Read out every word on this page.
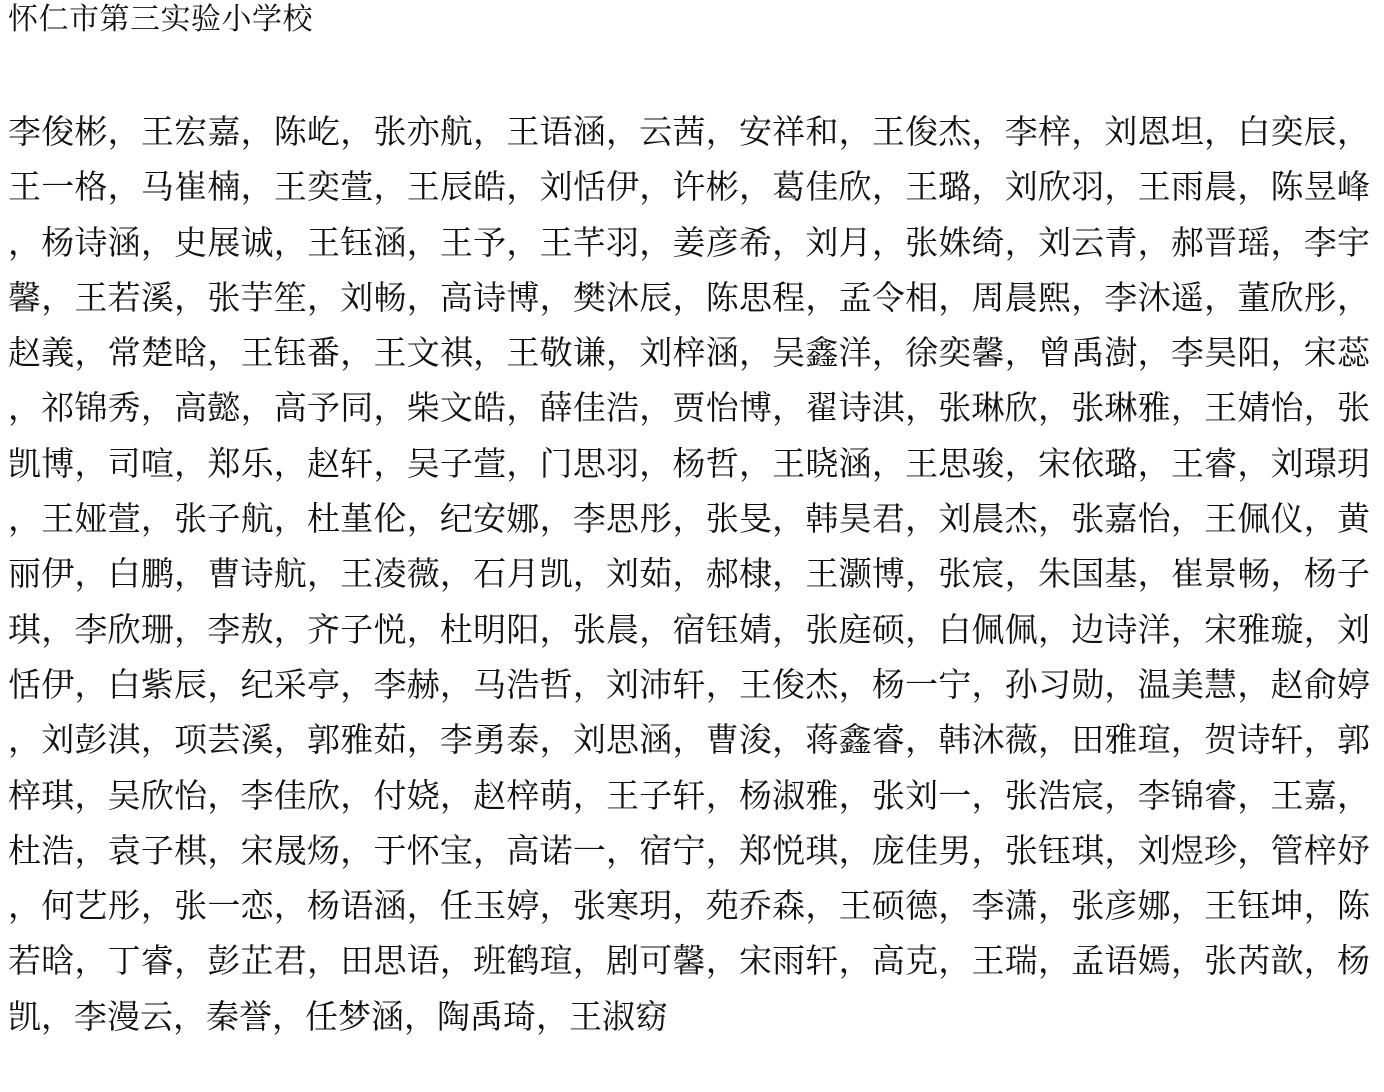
怀仁市第三实验小学校

李俊彬，王宏嘉，陈屹，张亦航，王语涵，云茜，安祥和，王俊杰，李梓，刘恩坦，白奕辰，王一格，马崔楠，王奕萱，王辰皓，刘恬伊，许彬，葛佳欣，王璐，刘欣羽，王雨晨，陈昱峰，杨诗涵，史展诚，王钰涵，王予，王芊羽，姜彦希，刘月，张姝绮，刘云青，郝晋瑶，李宇馨，王若溪，张芋笙，刘畅，高诗博，樊沐辰，陈思程，孟令相，周晨熙，李沐遥，董欣彤，赵義，常楚晗，王钰番，王文祺，王敬谦，刘梓涵，吴鑫洋，徐奕馨，曾禹澍，李昊阳，宋蕊，祁锦秀，高懿，高予同，柴文皓，薛佳浩，贾怡博，翟诗淇，张琳欣，张琳雅，王婧怡，张凯博，司喧，郑乐，赵轩，吴子萱，门思羽，杨哲，王晓涵，王思骏，宋依璐，王睿，刘璟玥，王娅萱，张子航，杜堇伦，纪安娜，李思彤，张旻，韩昊君，刘晨杰，张嘉怡，王佩仪，黄丽伊，白鹏，曹诗航，王凌薇，石月凯，刘茹，郝棣，王灏博，张宸，朱国基，崔景畅，杨子琪，李欣珊，李敖，齐子悦，杜明阳，张晨，宿钰婧，张庭硕，白佩佩，边诗洋，宋雅璇，刘恬伊，白紫辰，纪采亭，李赫，马浩哲，刘沛轩，王俊杰，杨一宁，孙习勋，温美慧，赵俞婷，刘彭淇，项芸溪，郭雅茹，李勇泰，刘思涵，曹浚，蒋鑫睿，韩沐薇，田雅瑄，贺诗轩，郭梓琪，吴欣怡，李佳欣，付娆，赵梓萌，王子轩，杨淑雅，张刘一，张浩宸，李锦睿，王嘉，杜浩，袁子棋，宋晟炀，于怀宝，高诺一，宿宁，郑悦琪，庞佳男，张钰琪，刘煜珍，管梓妤，何艺彤，张一恋，杨语涵，任玉婷，张寒玥，苑乔森，王硕德，李潇，张彦娜，王钰坤，陈若晗，丁睿，彭芷君，田思语，班鹤瑄，剧可馨，宋雨轩，高克，王瑞，孟语嫣，张芮歆，杨凯，李漫云，秦誉，任梦涵，陶禹琦，王淑窈
